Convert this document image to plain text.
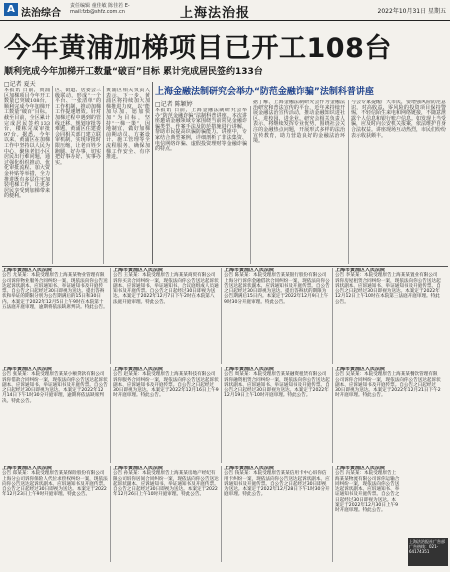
A 法治综合
责任编辑 童佳敏 陈佳若 E-mail:fzb@shfz.com.cn	上海法治报	2022年10月31日 星期五
今年黄浦加梯项目已开工108台
顺利完成今年加梯开工数量“破百”目标 累计完成居民签约133台
□记者 夏天
本报讯 日前，黄浦区加梯项目今年开工数量已突破108台，顺利完成今年加梯开工数量“破百”目标。截至目前，全区累计完成居民签约133台，楼栋完成审批97台。据悉，今年以来，黄浦区在加梯工作中坚持以人民为中心，聚焦老旧小区居民出行难问题，通过强化组织推动、优化审批流程、加大资金补贴等举措，全力推进既有多层住宅加装电梯工作，让更多居民享受到加梯带来的便利。
区、街道、居委会三级联动，形成“一个平台、一张清单”的工作机制，推动加梯工作提速增效。针对加梯过程中遇到的管线迁移、规划审批等难题，黄浦区住建委会同相关部门建立联审机制，实现审批时限压缩，让老百姓少跑腿、好办事，切实把好事办好、实事办实。
黄浦区相关负责人表示，下一步，黄浦区将持续加大加梯推进力度，以“能加尽加、愿加快加”为目标，坚持“一梯一策”，因地制宜，做好加梯前期动员、方案设计、施工管理等全流程服务，确保加梯工作安全、有序推进。
上海金融法制研究会举办“防范金融诈骗”法制科普讲座
□记者 陈颖婷
本报讯 日前，上海金融法制研究会举办“防范金融诈骗”法制科普讲座。本次讲座邀请金融领域专家围绕当前常见金融诈骗类型、作案手法及防范措施进行讲解，帮助市民提高识骗防骗能力。讲座中，专家结合典型案例，详细剖析了非法集资、电信网络诈骗、虚假投资理财等金融诈骗的特点。
据了解，上海金融法制研究会作为金融法治研究和普法宣传的平台，近年来持续开展金融法治宣传活动，推动金融知识进社区、进校园、进企业。研究会相关负责人表示，将继续发挥专业优势，围绕社会关注的金融热点问题，开展形式多样的法治宣传教育，助力营造良好的金融法治环境。
与会专家提醒广大市民，要增强风险防范意识，对高收益、零风险的投资项目保持警惕，不轻信陌生来电和网络链接，不随意泄露个人信息和银行账户信息。如发现上当受骗，应及时向公安机关报案，依法维护自身合法权益。讲座现场互动热烈，市民们纷纷表示收获颇丰。
上海市黄浦区人民法院
公告 尤某某：本院受理原告上海某某物业管理有限公司诉你物业服务合同纠纷一案，现依法向你公告送达起诉状副本、应诉通知书、举证通知书及开庭传票。自公告之日起经过30日即视为送达。提出答辩状和举证的期限分别为公告期满后的15日和30日内。本案定于2022年12月5日上午9时在本院第十五法庭开庭审理，逾期将依法缺席判决。特此公告。
上海市黄浦区人民法院
公告 王某某：本院受理原告上海某某商贸有限公司诉你买卖合同纠纷一案，现依法向你公告送达起诉状副本、应诉通知书、举证通知书、合议庭组成人员通知书及开庭传票。自公告之日起经过30日即视为送达。本案定于2022年12月7日下午2时在本院第八法庭开庭审理。特此公告。
上海市黄浦区人民法院
公告 陈某某：本院受理原告某某银行股份有限公司上海分行诉你金融借款合同纠纷一案，现依法向你公告送达起诉状副本、应诉通知书及开庭传票。自公告之日起经过30日即视为送达。提出答辩状的期限为公告期满后15日内。本案定于2022年12月9日上午9时30分开庭审理。特此公告。
上海市黄浦区人民法院
公告 李某某：本院受理原告上海某某置业有限公司诉你房屋租赁合同纠纷一案，现依法向你公告送达起诉状副本、应诉通知书、举证通知书及开庭传票。自公告之日起经过30日即视为送达。本案定于2022年12月12日上午10时在本院第三法庭开庭审理。特此公告。
上海市黄浦区人民法院
公告 张某某：本院受理原告某某小额贷款有限公司诉你借款合同纠纷一案，现依法向你公告送达起诉状副本、应诉通知书、举证通知书及开庭传票。自公告之日起经过30日即视为送达。本案定于2022年12月14日下午1时30分开庭审理，逾期将依法缺席判决。特此公告。
上海市黄浦区人民法院
公告 赵某某：本院受理原告上海某某科技有限公司诉你服务合同纠纷一案，现依法向你公告送达起诉状副本、应诉通知书及开庭传票。自公告之日起经过30日即视为送达。本案定于2022年12月16日上午9时开庭审理。特此公告。
上海市黄浦区人民法院
公告 周某某：本院受理原告某某融资租赁有限公司诉你融资租赁合同纠纷一案，现依法向你公告送达起诉状副本、应诉通知书、举证通知书及开庭传票。自公告之日起经过30日即视为送达。本案定于2022年12月19日上午10时开庭审理。特此公告。
上海市黄浦区人民法院
公告 吴某某：本院受理原告上海某某餐饮管理有限公司诉你合同纠纷一案，现依法向你公告送达起诉状副本、应诉通知书及开庭传票。自公告之日起经过30日即视为送达。本案定于2022年12月21日下午2时开庭审理。特此公告。
上海市黄浦区人民法院
公告 郑某某：本院受理原告某某保险股份有限公司上海分公司诉你保险人代位求偿权纠纷一案，现依法向你公告送达起诉状副本、应诉通知书及开庭传票。自公告之日起经过30日即视为送达。本案定于2022年12月23日上午9时开庭审理。特此公告。
上海市黄浦区人民法院
公告 孙某某：本院受理原告上海某某房地产经纪有限公司诉你居间合同纠纷一案，现依法向你公告送达起诉状副本、应诉通知书、举证通知书及开庭传票。自公告之日起经过30日即视为送达。本案定于2022年12月26日上午10时开庭审理。特此公告。
上海市黄浦区人民法院
公告 钱某某：本院受理原告某某信用卡中心诉你信用卡纠纷一案，现依法向你公告送达起诉状副本、应诉通知书及开庭传票。自公告之日起经过30日即视为送达。本案定于2022年12月28日下午1时30分开庭审理。特此公告。
上海市黄浦区人民法院
公告 冯某某：本院受理原告上海某某物流有限公司诉你运输合同纠纷一案，现依法向你公告送达起诉状副本、应诉通知书、举证通知书及开庭传票。自公告之日起经过30日即视为送达。本案定于2022年12月30日上午9时开庭审理。特此公告。
上海法治报社广告部 广告热线：021-64174351
